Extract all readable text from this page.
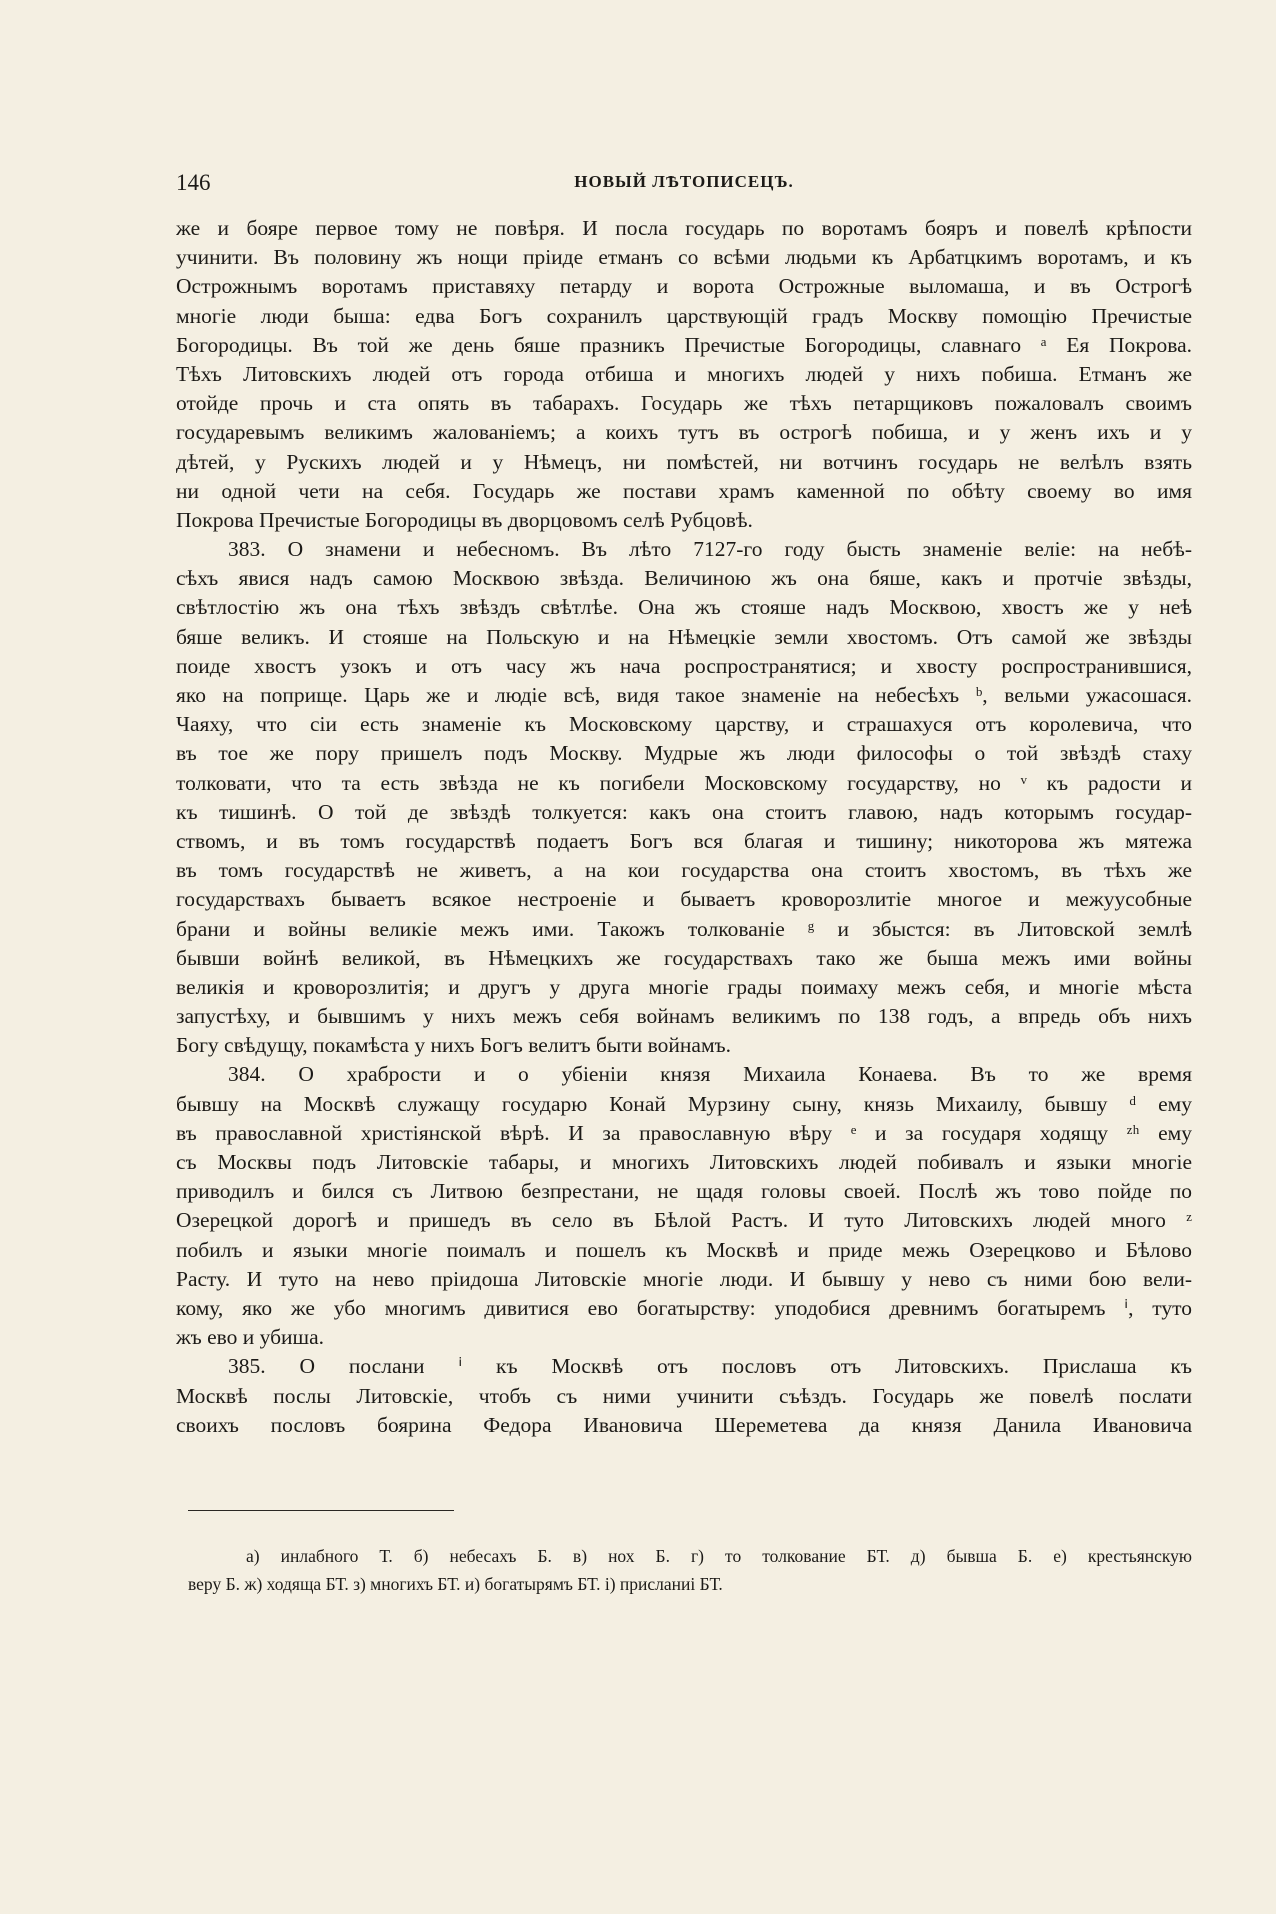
146	НОВЫЙ ЛѢТОПИСЕЦЪ.
же и бояре первое тому не повѣря. И посла государь по воротамъ бояръ и повелѣ крѣпости
учинити. Въ половину жъ нощи пріиде етманъ со всѣми людьми къ Арбатцкимъ воротамъ, и къ
Острожнымъ воротамъ приставяху петарду и ворота Острожные выломаша, и въ Острогѣ
многіе люди быша: едва Богъ сохранилъ царствующій градъ Москву помощію Пречистые
Богородицы. Въ той же день бяше празникъ Пречистые Богородицы, славнаго ᵃ Ея Покрова.
Тѣхъ Литовскихъ людей отъ города отбиша и многихъ людей у нихъ побиша. Етманъ же
отойде прочь и ста опять въ табарахъ. Государь же тѣхъ петарщиковъ пожаловалъ своимъ
государевымъ великимъ жалованіемъ; а коихъ тутъ въ острогѣ побиша, и у женъ ихъ и у
дѣтей, у Рускихъ людей и у Нѣмецъ, ни помѣстей, ни вотчинъ государь не велѣлъ взять
ни одной чети на себя. Государь же постави храмъ каменной по обѣту своему во имя
Покрова Пречистые Богородицы въ дворцовомъ селѣ Рубцовѣ.
383. О знамени и небесномъ. Въ лѣто 7127-го году бысть знаменіе веліе: на небѣ-
сѣхъ явися надъ самою Москвою звѣзда. Величиною жъ она бяше, какъ и протчіе звѣзды,
свѣтлостію жъ она тѣхъ звѣздъ свѣтлѣе. Она жъ стояше надъ Москвою, хвостъ же у неѣ
бяше великъ. И стояше на Польскую и на Нѣмецкіе земли хвостомъ. Отъ самой же звѣзды
поиде хвостъ узокъ и отъ часу жъ нача роспространятися; и хвосту роспространившися,
яко на поприще. Царь же и людіе всѣ, видя такое знаменіе на небесѣхъ ᵇ, вельми ужасошася.
Чаяху, что сіи есть знаменіе къ Московскому царству, и страшахуся отъ королевича, что
въ тое же пору пришелъ подъ Москву. Мудрые жъ люди философы о той звѣздѣ стаху
толковати, что та есть звѣзда не къ погибели Московскому государству, но ᵛ къ радости и
къ тишинѣ. О той де звѣздѣ толкуется: какъ она стоитъ главою, надъ которымъ государ-
ствомъ, и въ томъ государствѣ подаетъ Богъ вся благая и тишину; никоторова жъ мятежа
въ томъ государствѣ не живетъ, а на кои государства она стоитъ хвостомъ, въ тѣхъ же
государствахъ бываетъ всякое нестроеніе и бываетъ кроворозлитіе многое и межуусобные
брани и войны великіе межъ ими. Такожъ толкованіе ᵍ и збыстся: въ Литовской землѣ
бывши войнѣ великой, въ Нѣмецкихъ же государствахъ тако же быша межъ ими войны
великія и кроворозлитія; и другъ у друга многіе грады поимаху межъ себя, и многіе мѣста
запустѣху, и бывшимъ у нихъ межъ себя войнамъ великимъ по 138 годъ, а впредь объ нихъ
Богу свѣдущу, покамѣста у нихъ Богъ велитъ быти войнамъ.
384. О храбрости и о убіеніи князя Михаила Конаева. Въ то же время
бывшу на Москвѣ служащу государю Конай Мурзину сыну, князь Михаилу, бывшу ᵈ ему
въ православной христіянской вѣрѣ. И за православную вѣру ᵉ и за государя ходящу ᶻʰ ему
съ Москвы подъ Литовскіе табары, и многихъ Литовскихъ людей побивалъ и языки многіе
приводилъ и бился съ Литвою безпрестани, не щадя головы своей. Послѣ жъ тово пойде по
Озерецкой дорогѣ и пришедъ въ село въ Бѣлой Растъ. И туто Литовскихъ людей много ᶻ
побилъ и языки многіе поималъ и пошелъ къ Москвѣ и приде межь Озерецково и Бѣлово
Расту. И туто на нево пріидоша Литовскіе многіе люди. И бывшу у нево съ ними бою вели-
кому, яко же убо многимъ дивитися ево богатырству: уподобися древнимъ богатыремъ ⁱ, туто
жъ ево и убиша.
385. О послани ⁱ къ Москвѣ отъ пословъ отъ Литовскихъ. Прислаша къ
Москвѣ послы Литовскіе, чтобъ съ ними учинити съѣздъ. Государь же повелѣ послати
своихъ пословъ боярина Федора Ивановича Шереметева да князя Данила Ивановича
а) инлабного Т. б) небесахъ Б. в) нох Б. г) то толкование БТ. д) бывша Б. е) крестьянскую
веру Б. ж) ходяща БТ. з) многихъ БТ. и) богатырямъ БТ. і) присланиі БТ.
